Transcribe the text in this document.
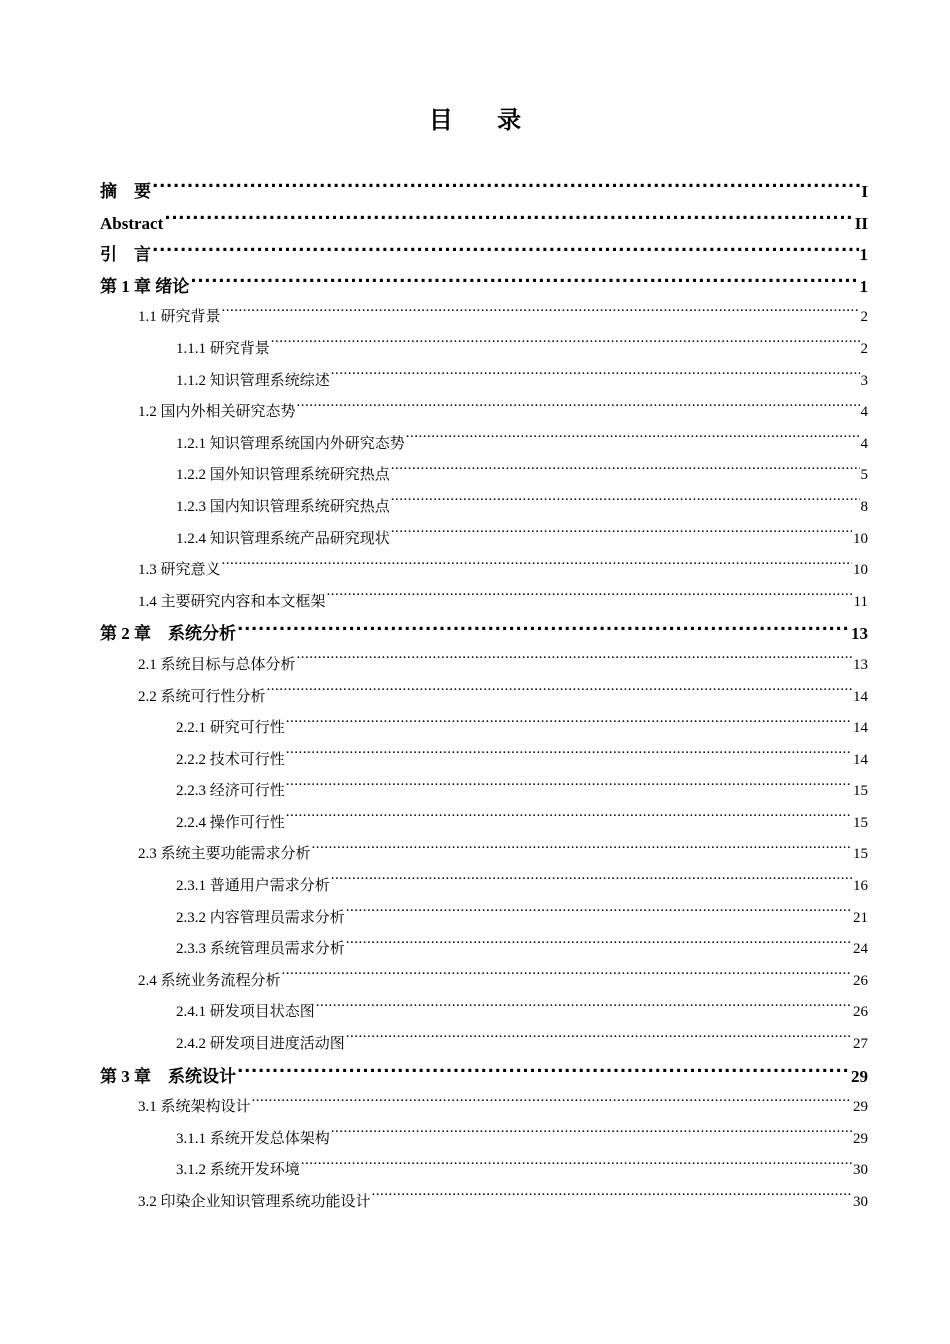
目 录
摘　要 .....	I
Abstract .....	II
引　言 .....	1
第 1 章 绪论 .....	1
1.1 研究背景 .....	2
1.1.1 研究背景 .....	2
1.1.2 知识管理系统综述 .....	3
1.2 国内外相关研究态势 .....	4
1.2.1 知识管理系统国内外研究态势 .....	4
1.2.2 国外知识管理系统研究热点 .....	5
1.2.3 国内知识管理系统研究热点 .....	8
1.2.4 知识管理系统产品研究现状 .....	10
1.3 研究意义 .....	10
1.4 主要研究内容和本文框架 .....	11
第 2 章　系统分析 .....	13
2.1 系统目标与总体分析 .....	13
2.2 系统可行性分析 .....	14
2.2.1 研究可行性 .....	14
2.2.2 技术可行性 .....	14
2.2.3 经济可行性 .....	15
2.2.4 操作可行性 .....	15
2.3 系统主要功能需求分析 .....	15
2.3.1 普通用户需求分析 .....	16
2.3.2 内容管理员需求分析 .....	21
2.3.3 系统管理员需求分析 .....	24
2.4 系统业务流程分析 .....	26
2.4.1 研发项目状态图 .....	26
2.4.2 研发项目进度活动图 .....	27
第 3 章　系统设计 .....	29
3.1 系统架构设计 .....	29
3.1.1 系统开发总体架构 .....	29
3.1.2 系统开发环境 .....	30
3.2 印染企业知识管理系统功能设计 .....	30
